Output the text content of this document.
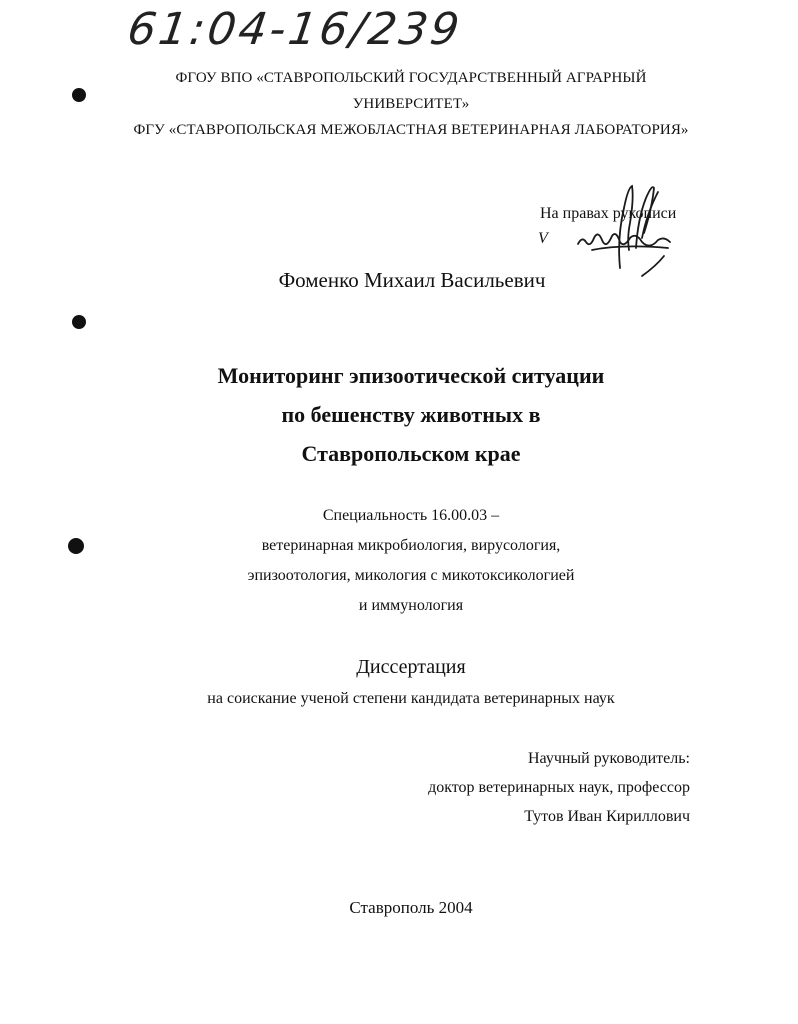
61:04-16/239
ФГОУ ВПО «СТАВРОПОЛЬСКИЙ ГОСУДАРСТВЕННЫЙ АГРАРНЫЙ
УНИВЕРСИТЕТ»
ФГУ «СТАВРОПОЛЬСКАЯ МЕЖОБЛАСТНАЯ ВЕТЕРИНАРНАЯ ЛАБОРАТОРИЯ»
На правах рукописи
V
Фоменко Михаил Васильевич
Мониторинг эпизоотической ситуации
по бешенству животных в
Ставропольском крае
Специальность 16.00.03 –
ветеринарная микробиология, вирусология,
эпизоотология, микология с микотоксикологией
и иммунология
Диссертация
на соискание ученой степени кандидата ветеринарных наук
Научный руководитель:
доктор ветеринарных наук, профессор
Тутов Иван Кириллович
Ставрополь 2004
